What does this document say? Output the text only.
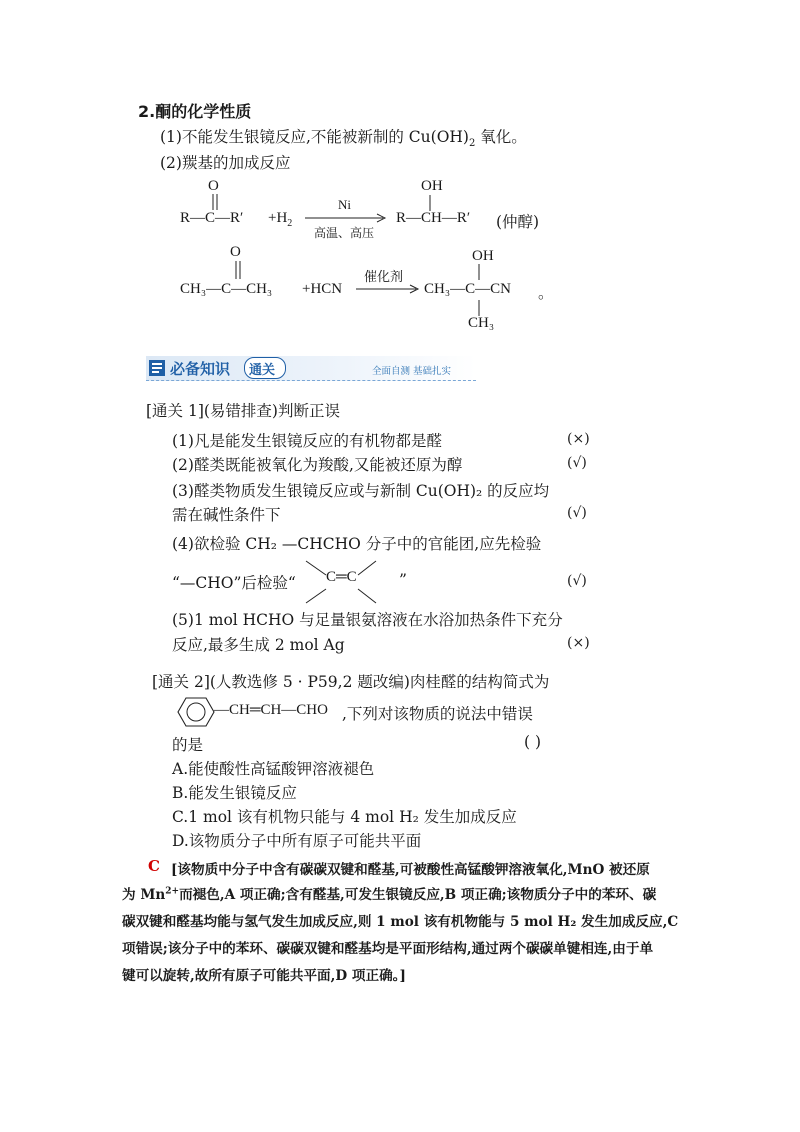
2.酮的化学性质
(1)不能发生银镜反应,不能被新制的 $Cu(OH)_2$ 氧化。
(2)羰基的加成反应
O
R—C—R′ $+H_2$
Ni
高温、高压
OH
R—CH—R′ (仲醇)
O
CH₃—C—CH₃ +HCN
催化剂
OH
CH₃—C—CN 。
CH₃
必备知识 通关	全面自测 基础扎实
[通关 1](易错排查)判断正误
(1)凡是能发生银镜反应的有机物都是醛	(×)
(2)醛类既能被氧化为羧酸,又能被还原为醇	(√)
(3)醛类物质发生银镜反应或与新制 Cu(OH)₂ 的反应均
需在碱性条件下	(√)
(4)欲检验 CH₂ —CHCHO 分子中的官能团,应先检验
“—CHO”后检验“ C═C	”	(√)
(5)1 mol HCHO 与足量银氨溶液在水浴加热条件下充分
反应,最多生成 2 mol Ag	(×)
[通关 2](人教选修 5 · P59,2 题改编)肉桂醛的结构简式为
—CH═CH—CHO ,下列对该物质的说法中错误
的是	( )
A.能使酸性高锰酸钾溶液褪色
B.能发生银镜反应
C.1 mol 该有机物只能与 4 mol H₂ 发生加成反应
D.该物质分子中所有原子可能共平面
C [该物质中分子中含有碳碳双键和醛基,可被酸性高锰酸钾溶液氧化,MnO 被还原
为 $Mn^{2+}$而褪色,A 项正确;含有醛基,可发生银镜反应,B 项正确;该物质分子中的苯环、碳
碳双键和醛基均能与氢气发生加成反应,则 1 mol 该有机物能与 5 mol H₂ 发生加成反应,C
项错误;该分子中的苯环、碳碳双键和醛基均是平面形结构,通过两个碳碳单键相连,由于单
键可以旋转,故所有原子可能共平面,D 项正确。]
